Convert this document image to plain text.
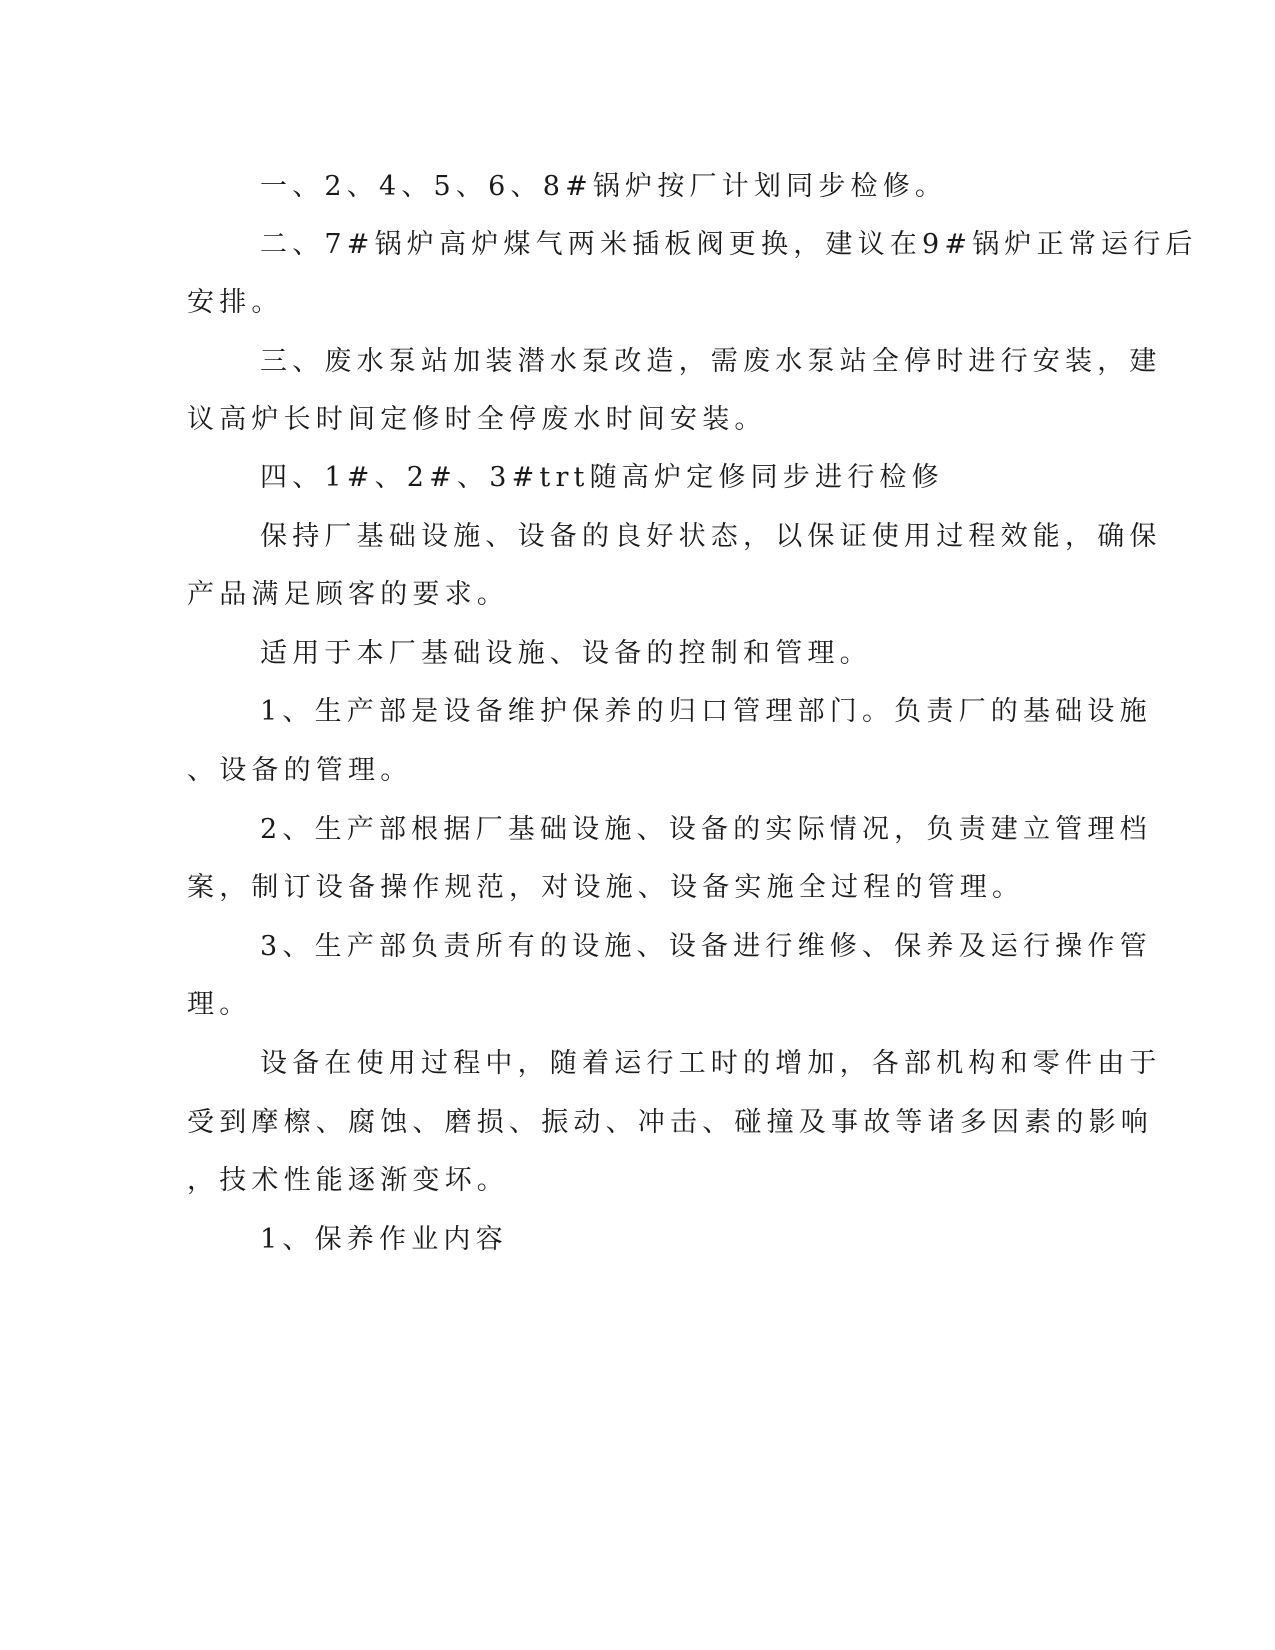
一、2、4、5、6、8#锅炉按厂计划同步检修。
二、7#锅炉高炉煤气两米插板阀更换，建议在9#锅炉正常运行后
安排。
三、废水泵站加装潜水泵改造，需废水泵站全停时进行安装，建
议高炉长时间定修时全停废水时间安装。
四、1#、2#、3#trt随高炉定修同步进行检修
保持厂基础设施、设备的良好状态，以保证使用过程效能，确保
产品满足顾客的要求。
适用于本厂基础设施、设备的控制和管理。
1、生产部是设备维护保养的归口管理部门。负责厂的基础设施
、设备的管理。
2、生产部根据厂基础设施、设备的实际情况，负责建立管理档
案，制订设备操作规范，对设施、设备实施全过程的管理。
3、生产部负责所有的设施、设备进行维修、保养及运行操作管
理。
设备在使用过程中，随着运行工时的增加，各部机构和零件由于
受到摩檫、腐蚀、磨损、振动、冲击、碰撞及事故等诸多因素的影响
，技术性能逐渐变坏。
1、保养作业内容
